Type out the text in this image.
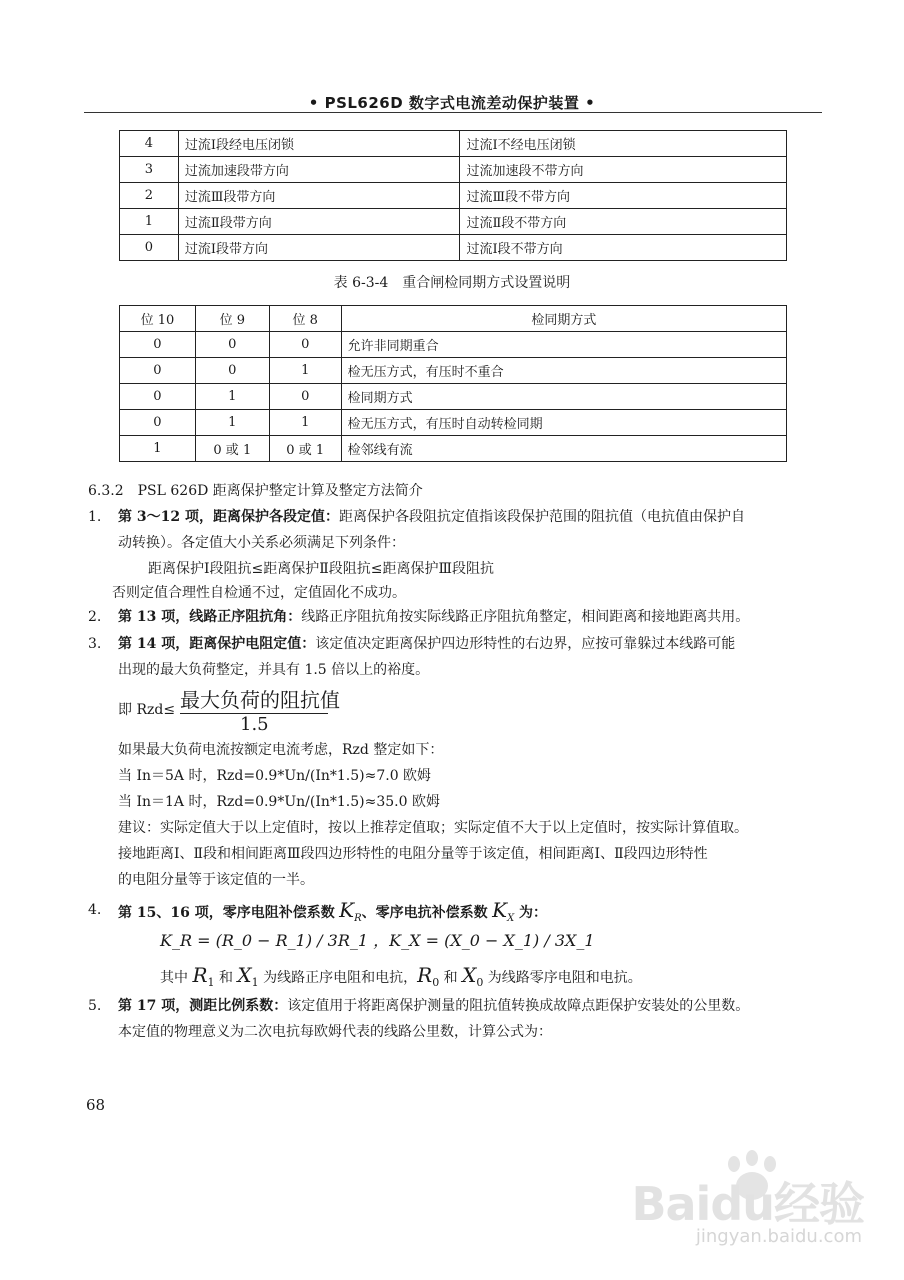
• PSL626D 数字式电流差动保护装置 •
4	过流Ⅰ段经电压闭锁	过流Ⅰ不经电压闭锁
3	过流加速段带方向	过流加速段不带方向
2	过流Ⅲ段带方向	过流Ⅲ段不带方向
1	过流Ⅱ段带方向	过流Ⅱ段不带方向
0	过流Ⅰ段带方向	过流Ⅰ段不带方向
表 6-3-4　重合闸检同期方式设置说明
位 10	位 9	位 8	检同期方式
0	0	0	允许非同期重合
0	0	1	检无压方式，有压时不重合
0	1	0	检同期方式
0	1	1	检无压方式，有压时自动转检同期
1	0 或 1	0 或 1	检邻线有流
6.3.2　PSL 626D 距离保护整定计算及整定方法简介
1. 第 3～12 项，距离保护各段定值：距离保护各段阻抗定值指该段保护范围的阻抗值（电抗值由保护自
动转换）。各定值大小关系必须满足下列条件：
距离保护Ⅰ段阻抗≤距离保护Ⅱ段阻抗≤距离保护Ⅲ段阻抗
否则定值合理性自检通不过，定值固化不成功。
2. 第 13 项，线路正序阻抗角：线路正序阻抗角按实际线路正序阻抗角整定，相间距离和接地距离共用。
3. 第 14 项，距离保护电阻定值：该定值决定距离保护四边形特性的右边界，应按可靠躲过本线路可能
出现的最大负荷整定，并具有 1.5 倍以上的裕度。
即 Rzd≤ 最大负荷的阻抗值
1.5
如果最大负荷电流按额定电流考虑，Rzd 整定如下：
当 In＝5A 时，Rzd=0.9*Un/(In*1.5)≈7.0 欧姆
当 In＝1A 时，Rzd=0.9*Un/(In*1.5)≈35.0 欧姆
建议：实际定值大于以上定值时，按以上推荐定值取；实际定值不大于以上定值时，按实际计算值取。
接地距离Ⅰ、Ⅱ段和相间距离Ⅲ段四边形特性的电阻分量等于该定值，相间距离Ⅰ、Ⅱ段四边形特性
的电阻分量等于该定值的一半。
4. 第 15、16 项，零序电阻补偿系数 $K_R$、零序电抗补偿系数 $K_X$ 为：
K_R = (R_0 − R_1) / 3R_1 ，K_X = (X_0 − X_1) / 3X_1
其中 $R_1$ 和 $X_1$ 为线路正序电阻和电抗，$R_0$ 和 $X_0$ 为线路零序电阻和电抗。
5. 第 17 项，测距比例系数：该定值用于将距离保护测量的阻抗值转换成故障点距保护安装处的公里数。
本定值的物理意义为二次电抗每欧姆代表的线路公里数，计算公式为：
68
Baidu经验
jingyan.baidu.com
